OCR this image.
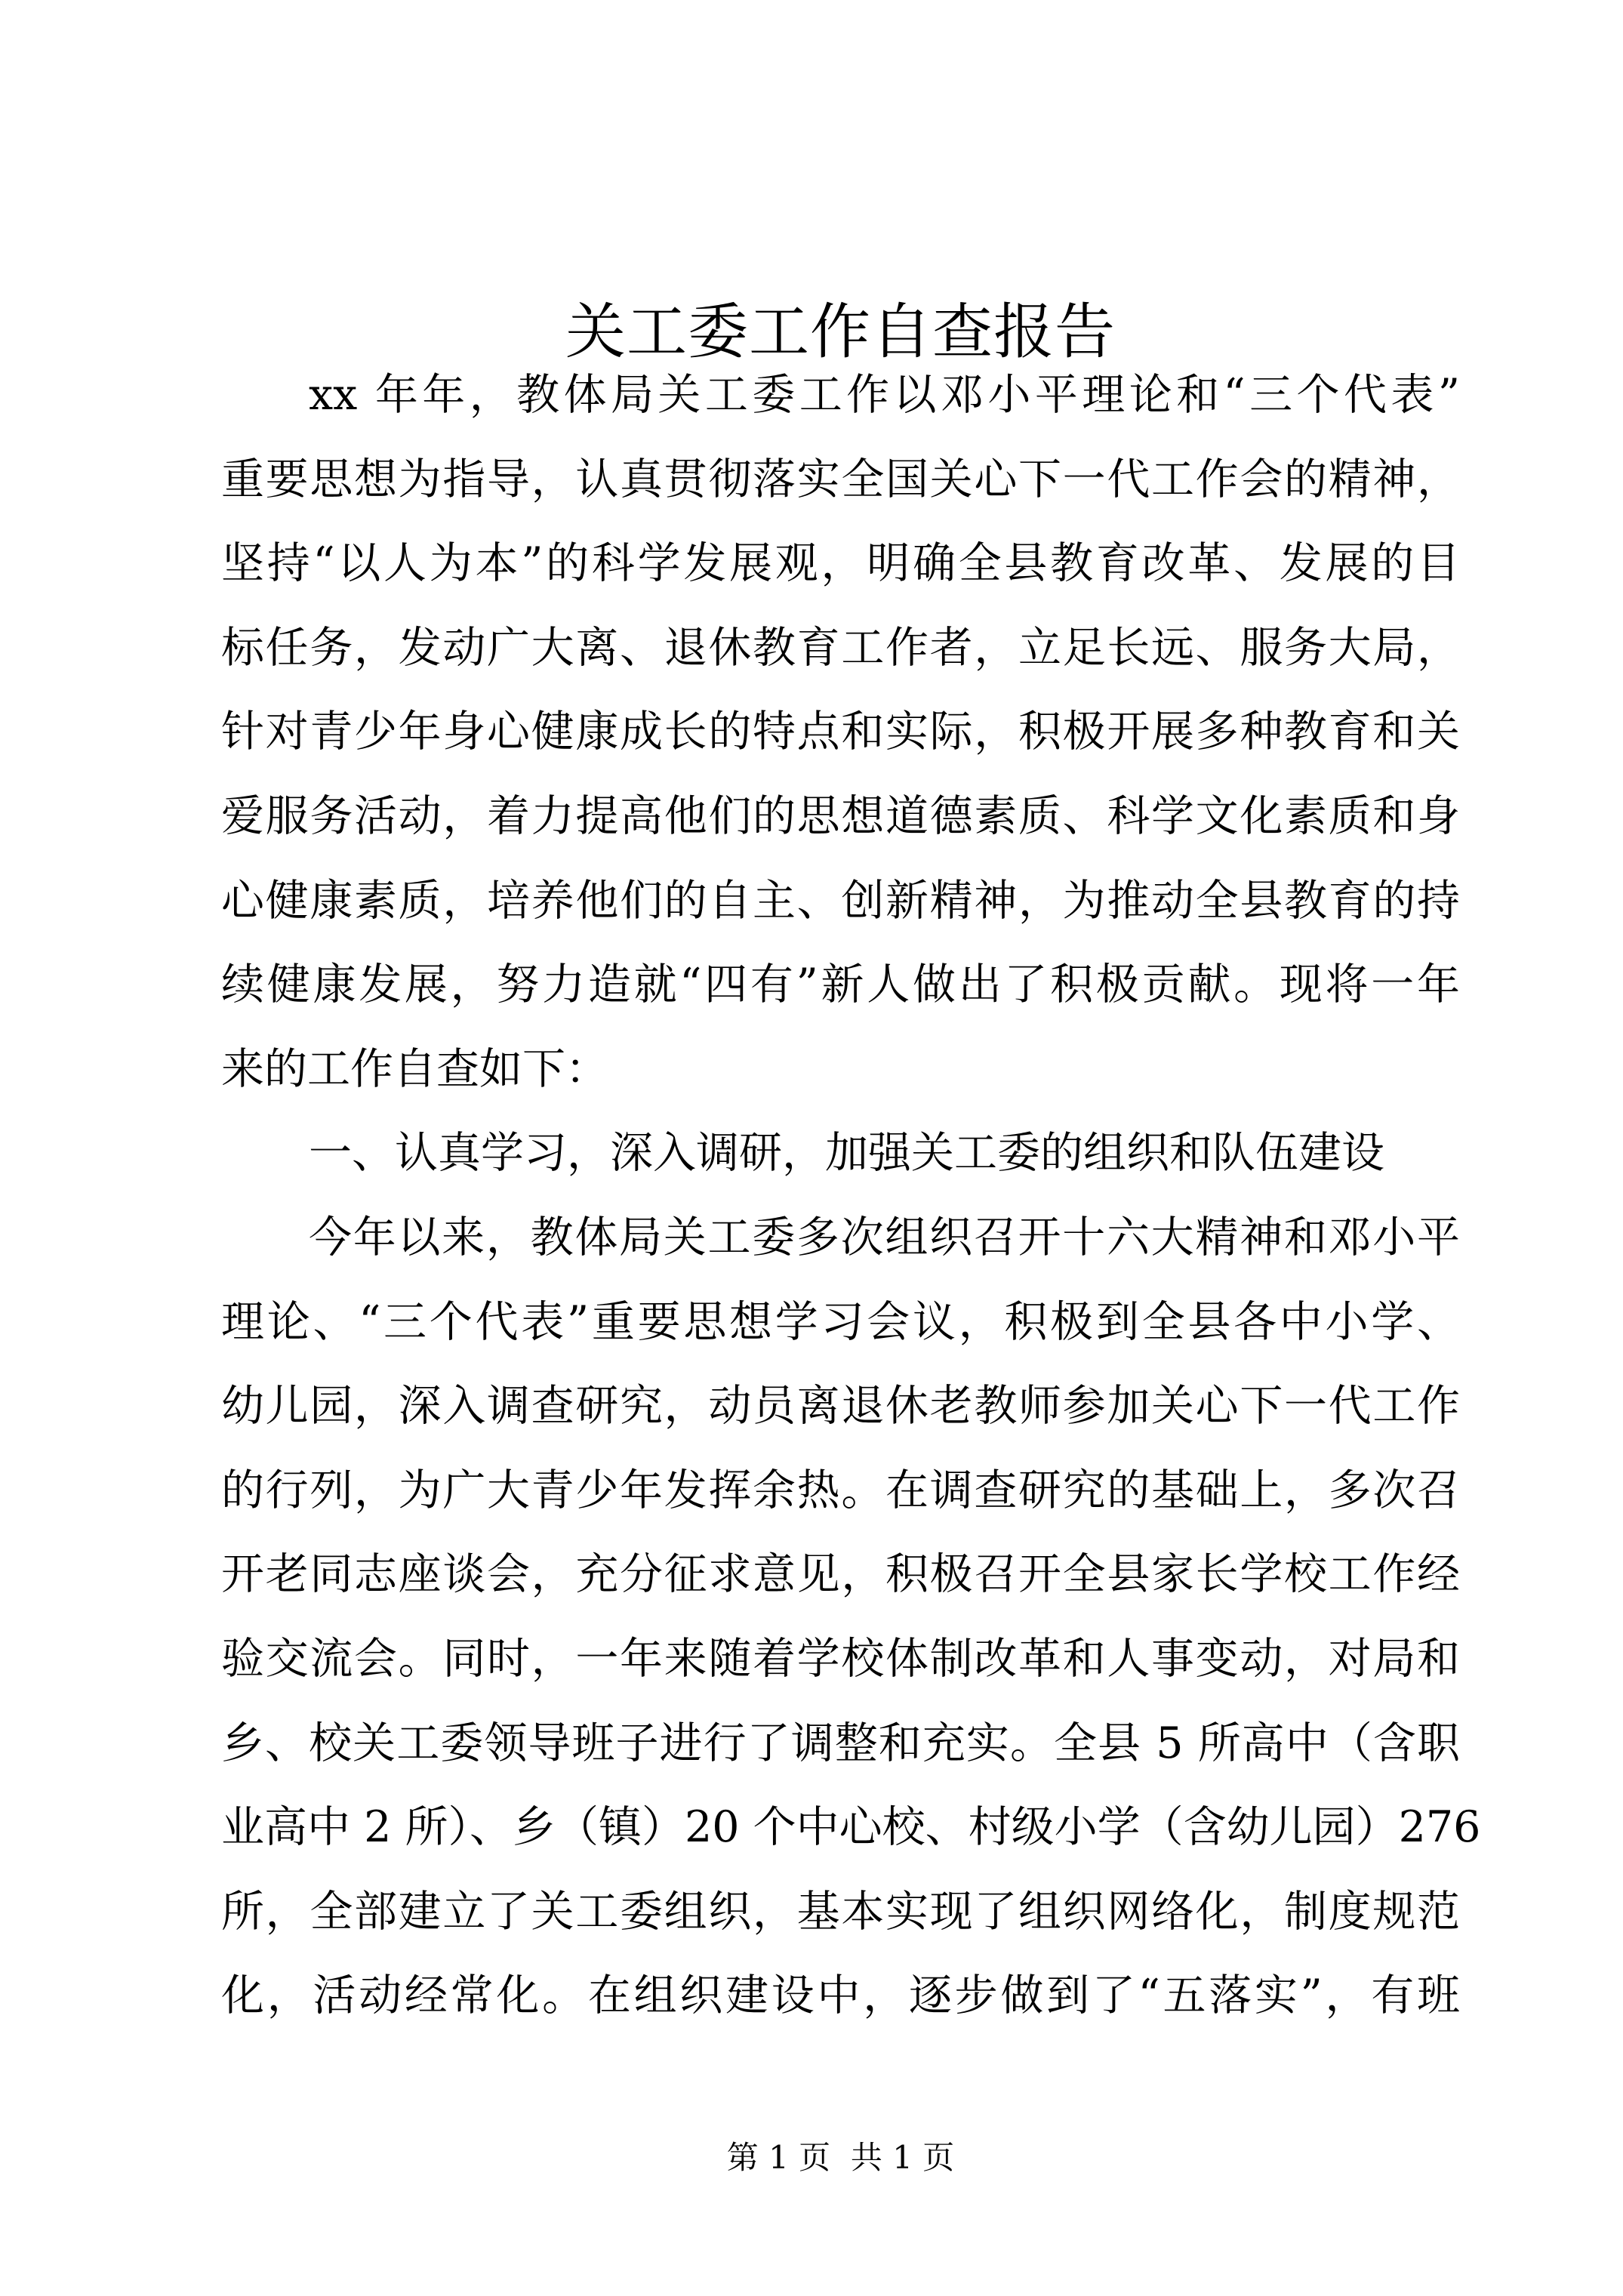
关工委工作自查报告
xx 年年，教体局关工委工作以邓小平理论和“三个代表”
重要思想为指导，认真贯彻落实全国关心下一代工作会的精神，
坚持“以人为本”的科学发展观，明确全县教育改革、发展的目
标任务，发动广大离、退休教育工作者，立足长远、服务大局，
针对青少年身心健康成长的特点和实际，积极开展多种教育和关
爱服务活动，着力提高他们的思想道德素质、科学文化素质和身
心健康素质，培养他们的自主、创新精神，为推动全县教育的持
续健康发展，努力造就“四有”新人做出了积极贡献。现将一年
来的工作自查如下：
一、认真学习，深入调研，加强关工委的组织和队伍建设
今年以来，教体局关工委多次组织召开十六大精神和邓小平
理论、“三个代表”重要思想学习会议，积极到全县各中小学、
幼儿园，深入调查研究，动员离退休老教师参加关心下一代工作
的行列，为广大青少年发挥余热。在调查研究的基础上，多次召
开老同志座谈会，充分征求意见，积极召开全县家长学校工作经
验交流会。同时，一年来随着学校体制改革和人事变动，对局和
乡、校关工委领导班子进行了调整和充实。全县 5 所高中（含职
业高中 2 所）、乡（镇）20 个中心校、村级小学（含幼儿园）276
所，全部建立了关工委组织，基本实现了组织网络化，制度规范
化，活动经常化。在组织建设中，逐步做到了“五落实”，有班
第 1 页  共 1 页
